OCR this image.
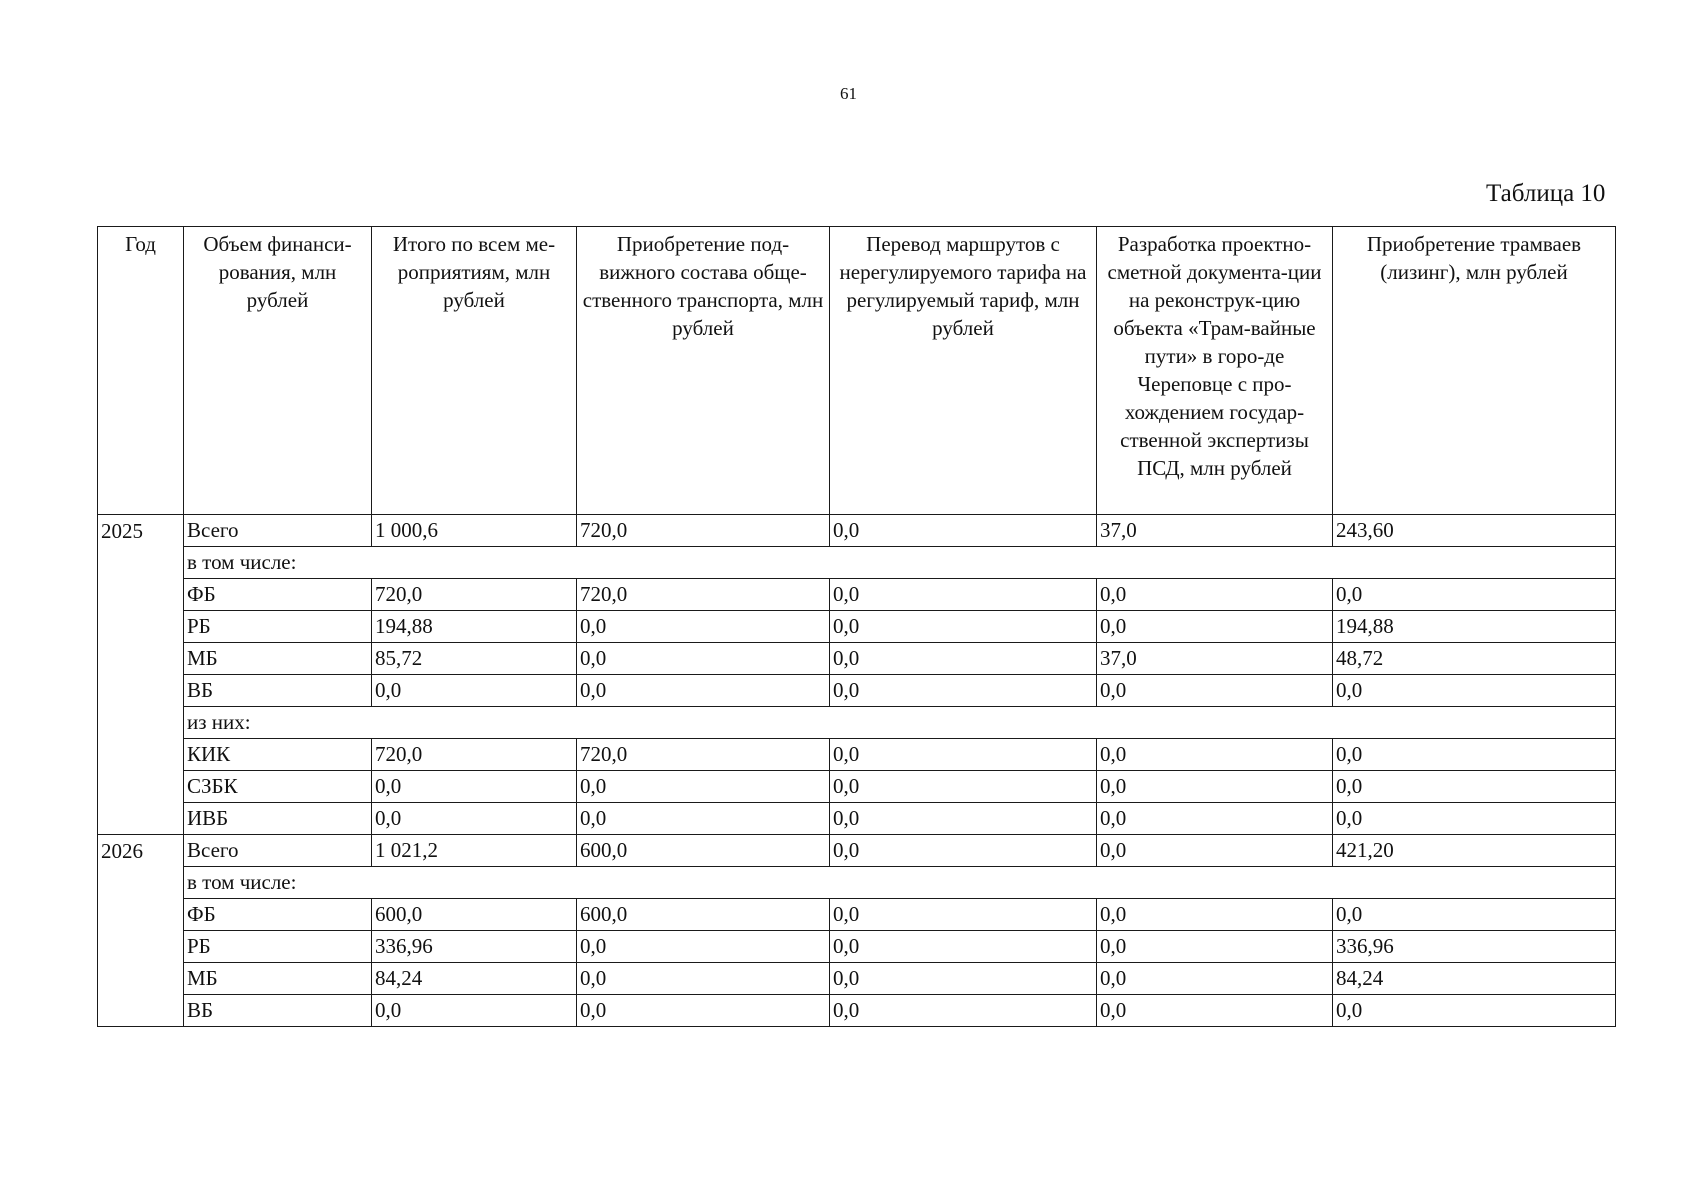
61
Таблица 10
Год	Объем финанси-рования, млн рублей	Итого по всем ме-роприятиям, млн рублей	Приобретение под-вижного состава обще-ственного транспорта, млн рублей	Перевод маршрутов с нерегулируемого тарифа на регулируемый тариф, млн рублей	Разработка проектно-сметной документа-ции на реконструк-цию объекта «Трам-вайные пути» в горо-де Череповце с про-хождением государ-ственной экспертизы ПСД, млн рублей	Приобретение трамваев (лизинг), млн рублей
2025	Всего	1 000,6	720,0	0,0	37,0	243,60
	в том числе:					
	ФБ	720,0	720,0	0,0	0,0	0,0
	РБ	194,88	0,0	0,0	0,0	194,88
	МБ	85,72	0,0	0,0	37,0	48,72
	ВБ	0,0	0,0	0,0	0,0	0,0
	из них:					
	КИК	720,0	720,0	0,0	0,0	0,0
	СЗБК	0,0	0,0	0,0	0,0	0,0
	ИВБ	0,0	0,0	0,0	0,0	0,0
2026	Всего	1 021,2	600,0	0,0	0,0	421,20
	в том числе:					
	ФБ	600,0	600,0	0,0	0,0	0,0
	РБ	336,96	0,0	0,0	0,0	336,96
	МБ	84,24	0,0	0,0	0,0	84,24
	ВБ	0,0	0,0	0,0	0,0	0,0
